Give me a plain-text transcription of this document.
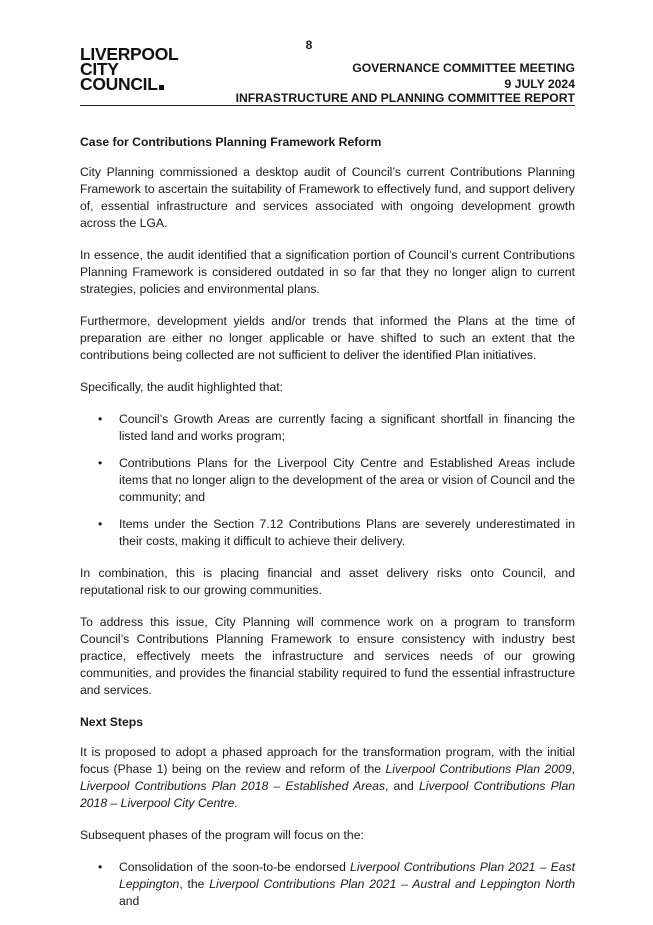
8
LIVERPOOL
CITY
COUNCIL
GOVERNANCE COMMITTEE MEETING
9 JULY 2024
INFRASTRUCTURE AND PLANNING COMMITTEE REPORT
Case for Contributions Planning Framework Reform

City Planning commissioned a desktop audit of Council’s current Contributions Planning Framework to ascertain the suitability of Framework to effectively fund, and support delivery of, essential infrastructure and services associated with ongoing development growth across the LGA.

In essence, the audit identified that a signification portion of Council’s current Contributions Planning Framework is considered outdated in so far that they no longer align to current strategies, policies and environmental plans.

Furthermore, development yields and/or trends that informed the Plans at the time of preparation are either no longer applicable or have shifted to such an extent that the contributions being collected are not sufficient to deliver the identified Plan initiatives.

Specifically, the audit highlighted that:

• Council’s Growth Areas are currently facing a significant shortfall in financing the listed land and works program;
• Contributions Plans for the Liverpool City Centre and Established Areas include items that no longer align to the development of the area or vision of Council and the community; and
• Items under the Section 7.12 Contributions Plans are severely underestimated in their costs, making it difficult to achieve their delivery.

In combination, this is placing financial and asset delivery risks onto Council, and reputational risk to our growing communities.

To address this issue, City Planning will commence work on a program to transform Council’s Contributions Planning Framework to ensure consistency with industry best practice, effectively meets the infrastructure and services needs of our growing communities, and provides the financial stability required to fund the essential infrastructure and services.

Next Steps

It is proposed to adopt a phased approach for the transformation program, with the initial focus (Phase 1) being on the review and reform of the Liverpool Contributions Plan 2009, Liverpool Contributions Plan 2018 – Established Areas, and Liverpool Contributions Plan 2018 – Liverpool City Centre.

Subsequent phases of the program will focus on the:

• Consolidation of the soon-to-be endorsed Liverpool Contributions Plan 2021 – East Leppington, the Liverpool Contributions Plan 2021 – Austral and Leppington North and
